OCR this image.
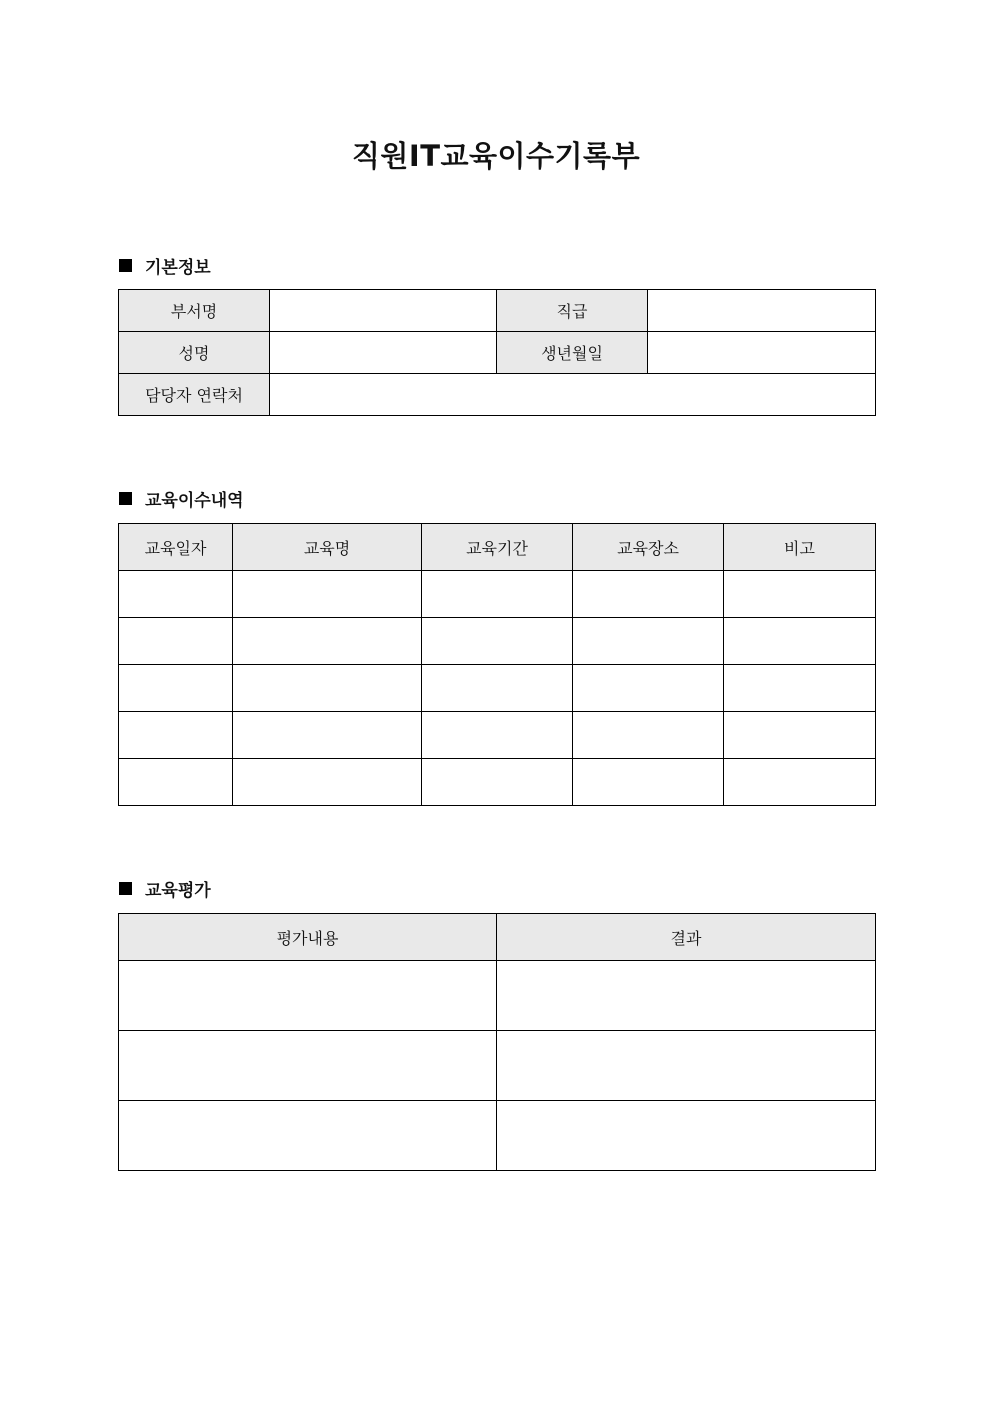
직원IT교육이수기록부
기본정보
부서명		직급	
성명		생년월일	
담당자 연락처			
교육이수내역
교육일자	교육명	교육기간	교육장소	비고

교육평가
평가내용	결과
